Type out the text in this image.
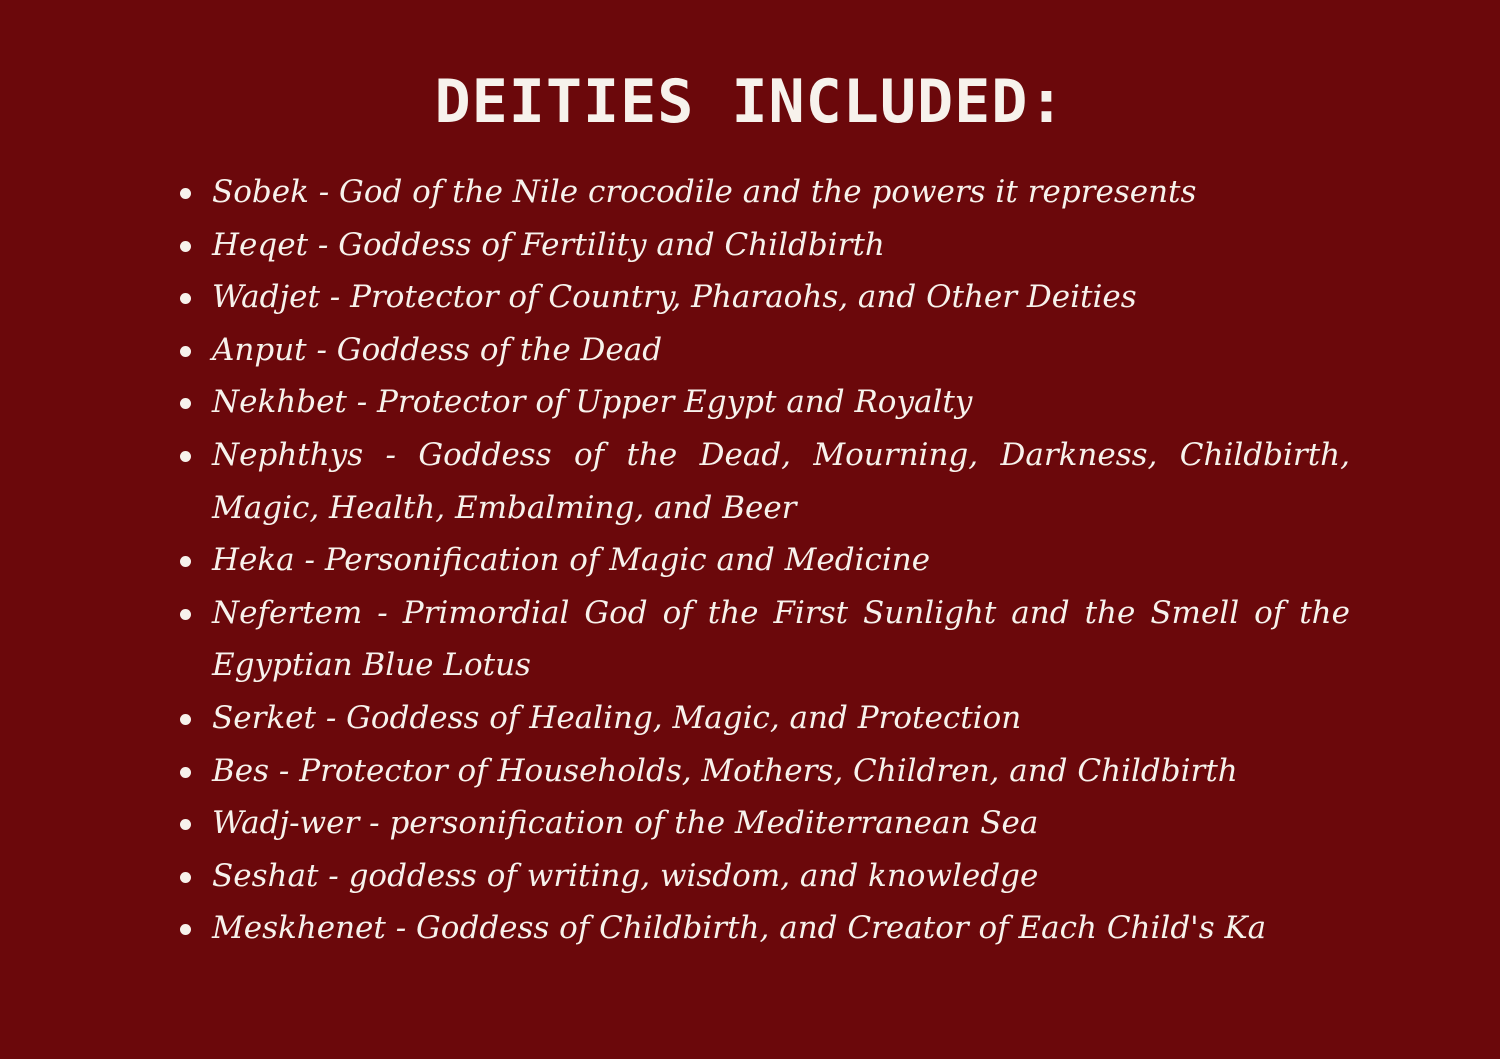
DEITIES INCLUDED:
Sobek - God of the Nile crocodile and the powers it represents
Heqet - Goddess of Fertility and Childbirth
Wadjet - Protector of Country, Pharaohs, and Other Deities
Anput - Goddess of the Dead
Nekhbet - Protector of Upper Egypt and Royalty
Nephthys - Goddess of the Dead, Mourning, Darkness, Childbirth, Magic, Health, Embalming, and Beer
Heka - Personification of Magic and Medicine
Nefertem - Primordial God of the First Sunlight and the Smell of the Egyptian Blue Lotus
Serket - Goddess of Healing, Magic, and Protection
Bes - Protector of Households, Mothers, Children, and Childbirth
Wadj-wer - personification of the Mediterranean Sea
Seshat - goddess of writing, wisdom, and knowledge
Meskhenet - Goddess of Childbirth, and Creator of Each Child's Ka
